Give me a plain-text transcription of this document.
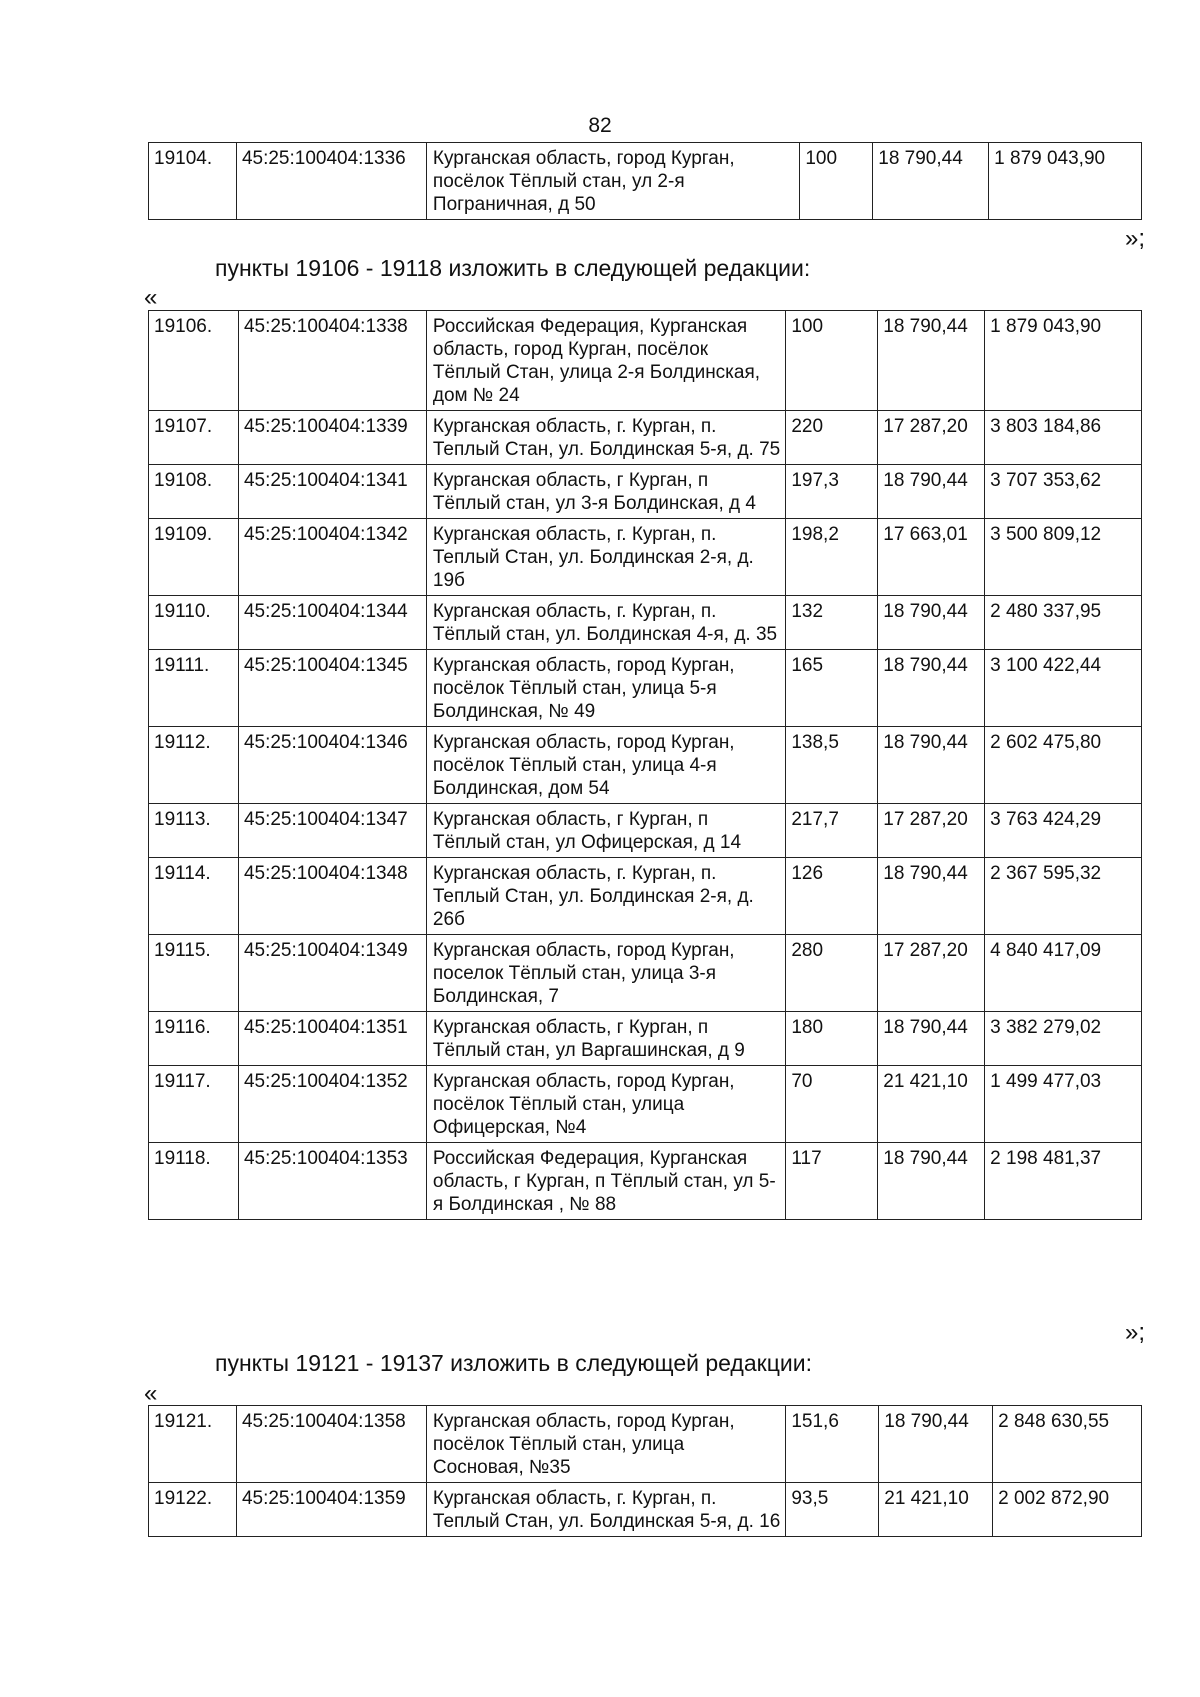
82
19104.	45:25:100404:1336	Курганская область, город Курган, посёлок Тёплый стан, ул 2-я Пограничная, д 50	100	18 790,44	1 879 043,90
»;
пункты 19106 - 19118 изложить в следующей редакции:
«
19106.	45:25:100404:1338	Российская Федерация, Курганская область, город Курган, посёлок Тёплый Стан, улица 2-я Болдинская, дом № 24	100	18 790,44	1 879 043,90
19107.	45:25:100404:1339	Курганская область, г. Курган, п. Теплый Стан, ул. Болдинская 5-я, д. 75	220	17 287,20	3 803 184,86
19108.	45:25:100404:1341	Курганская область, г Курган, п Тёплый стан, ул 3-я Болдинская, д 4	197,3	18 790,44	3 707 353,62
19109.	45:25:100404:1342	Курганская область, г. Курган, п. Теплый Стан, ул. Болдинская 2-я, д. 19б	198,2	17 663,01	3 500 809,12
19110.	45:25:100404:1344	Курганская область, г. Курган, п. Тёплый стан, ул. Болдинская 4-я, д. 35	132	18 790,44	2 480 337,95
19111.	45:25:100404:1345	Курганская область, город Курган, посёлок Тёплый стан, улица 5-я Болдинская, № 49	165	18 790,44	3 100 422,44
19112.	45:25:100404:1346	Курганская область, город Курган, посёлок Тёплый стан, улица 4-я Болдинская, дом 54	138,5	18 790,44	2 602 475,80
19113.	45:25:100404:1347	Курганская область, г Курган, п Тёплый стан, ул Офицерская, д 14	217,7	17 287,20	3 763 424,29
19114.	45:25:100404:1348	Курганская область, г. Курган, п. Теплый Стан, ул. Болдинская 2-я, д. 26б	126	18 790,44	2 367 595,32
19115.	45:25:100404:1349	Курганская область, город Курган, поселок Тёплый стан, улица 3-я Болдинская, 7	280	17 287,20	4 840 417,09
19116.	45:25:100404:1351	Курганская область, г Курган, п Тёплый стан, ул Варгашинская, д 9	180	18 790,44	3 382 279,02
19117.	45:25:100404:1352	Курганская область, город Курган, посёлок Тёплый стан, улица Офицерская, №4	70	21 421,10	1 499 477,03
19118.	45:25:100404:1353	Российская Федерация, Курганская область, г Курган, п Тёплый стан, ул 5-я Болдинская , № 88	117	18 790,44	2 198 481,37
»;
пункты 19121 - 19137 изложить в следующей редакции:
«
19121.	45:25:100404:1358	Курганская область, город Курган, посёлок Тёплый стан, улица Сосновая, №35	151,6	18 790,44	2 848 630,55
19122.	45:25:100404:1359	Курганская область, г. Курган, п. Теплый Стан, ул. Болдинская 5-я, д. 16	93,5	21 421,10	2 002 872,90
